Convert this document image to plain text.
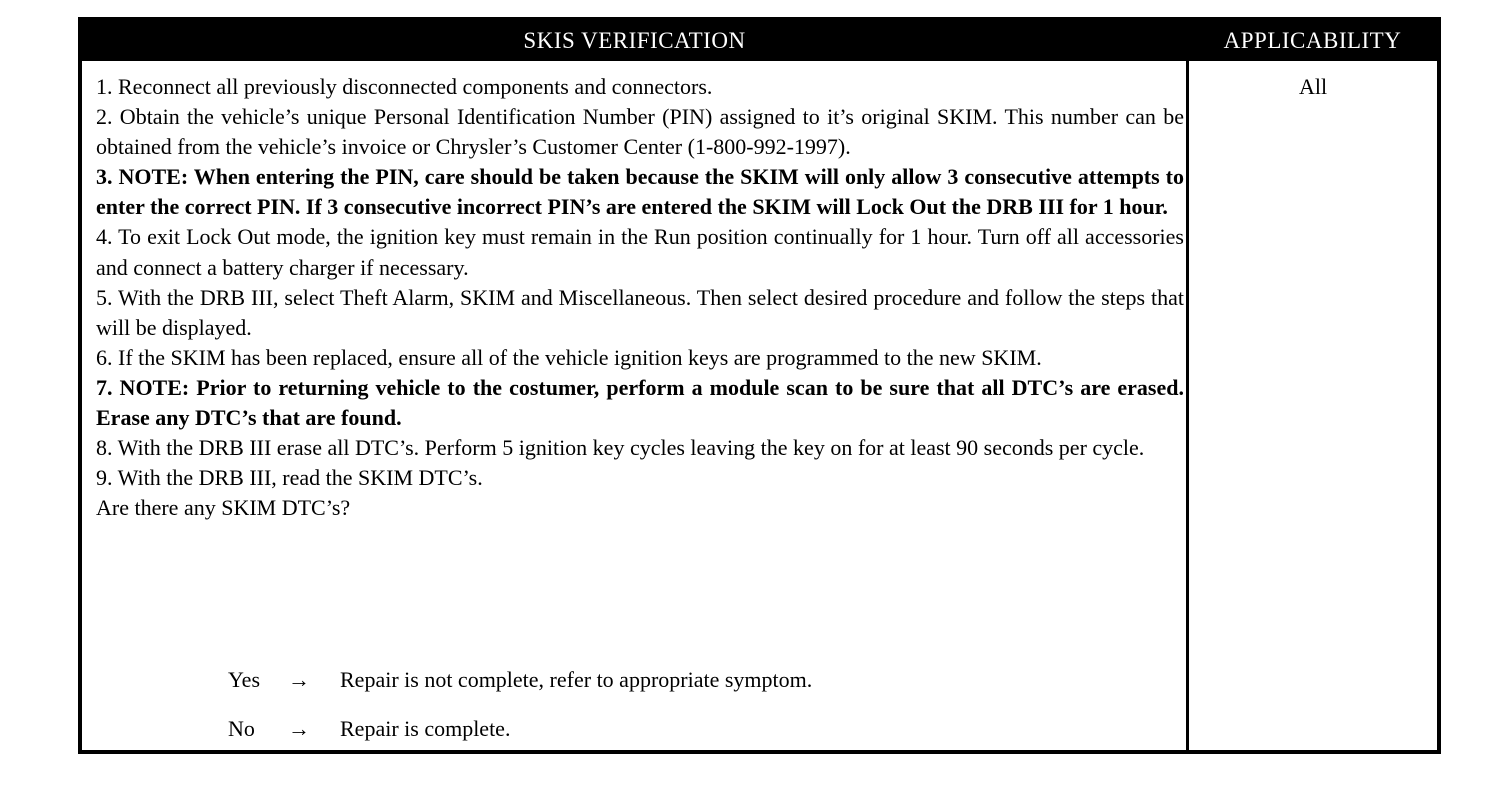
SKIS VERIFICATION	APPLICABILITY

1. Reconnect all previously disconnected components and connectors.

2. Obtain the vehicle’s unique Personal Identification Number (PIN) assigned to it’s original SKIM. This number can be obtained from the vehicle’s invoice or Chrysler’s Customer Center (1-800-992-1997).

3. NOTE: When entering the PIN, care should be taken because the SKIM will only allow 3 consecutive attempts to enter the correct PIN. If 3 consecutive incorrect PIN’s are entered the SKIM will Lock Out the DRB III for 1 hour.

4. To exit Lock Out mode, the ignition key must remain in the Run position continually for 1 hour. Turn off all accessories and connect a battery charger if necessary.

5. With the DRB III, select Theft Alarm, SKIM and Miscellaneous. Then select desired procedure and follow the steps that will be displayed.

6. If the SKIM has been replaced, ensure all of the vehicle ignition keys are programmed to the new SKIM.

7. NOTE: Prior to returning vehicle to the costumer, perform a module scan to be sure that all DTC’s are erased. Erase any DTC’s that are found.

8. With the DRB III erase all DTC’s. Perform 5 ignition key cycles leaving the key on for at least 90 seconds per cycle.

9. With the DRB III, read the SKIM DTC’s.

Are there any SKIM DTC’s?

Yes → Repair is not complete, refer to appropriate symptom.
No → Repair is complete.
All
